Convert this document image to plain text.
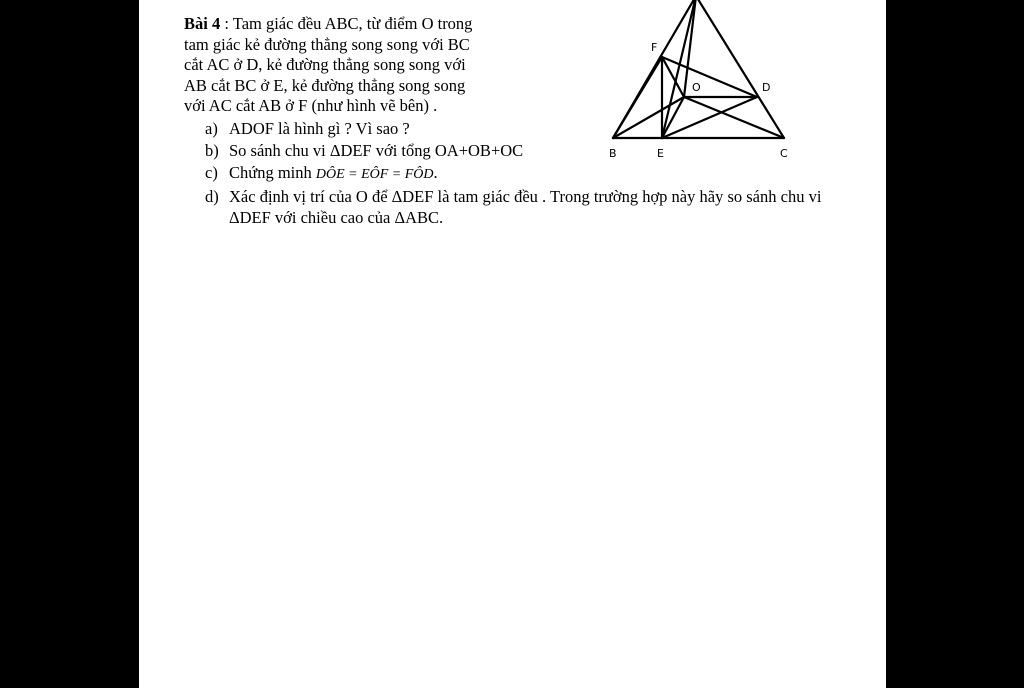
Bài 4 : Tam giác đều ABC, từ điểm O trong

tam giác kẻ đường thẳng song song với BC

cắt AC ở D, kẻ đường thẳng song song với

AB cắt BC ở E, kẻ đường thẳng song song

với AC cắt AB ở F (như hình vẽ bên) .

a) ADOF là hình gì ? Vì sao ?
b) So sánh chu vi ΔDEF với tổng OA+OB+OC
c) Chứng minh DÔE = EÔF = FÔD.
d) Xác định vị trí của O để ΔDEF là tam giác đều . Trong trường hợp này hãy so sánh chu vi ΔDEF với chiều cao của ΔABC.
F
O	D
B	E	C
